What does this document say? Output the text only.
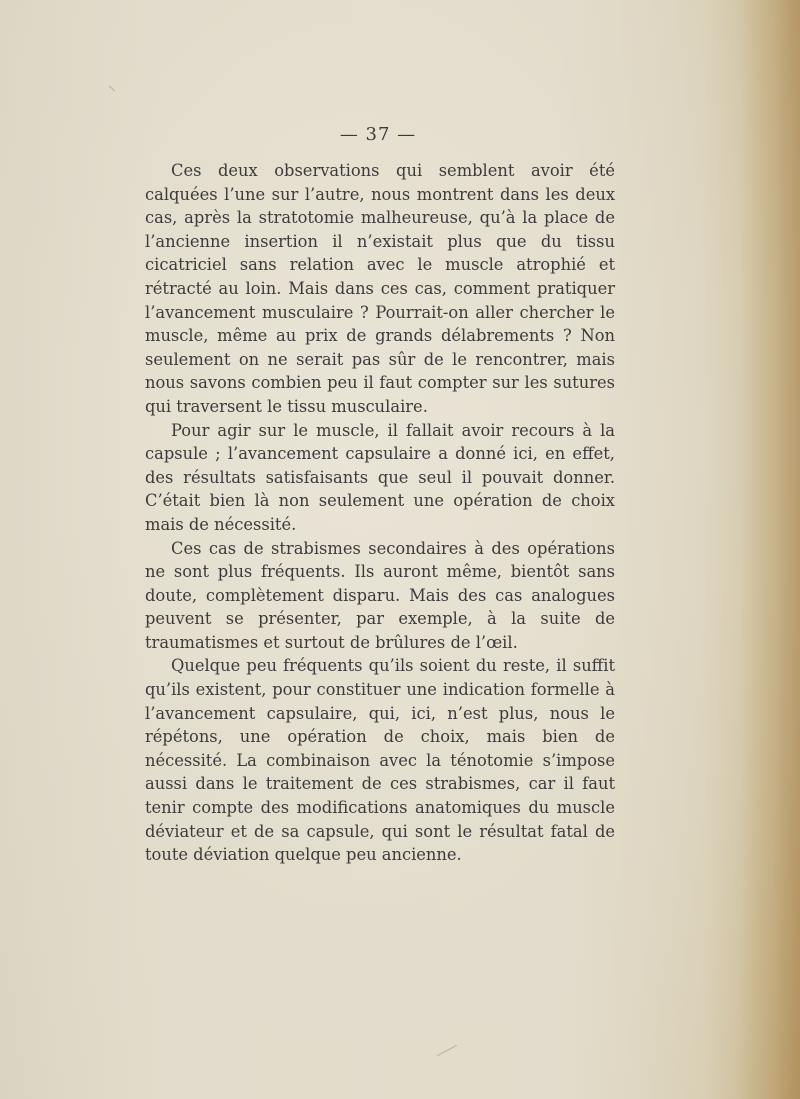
— 37 —

Ces deux observations qui semblent avoir été calquées l’une sur l’autre, nous montrent dans les deux cas, après la stratotomie malheureuse, qu’à la place de l’ancienne insertion il n’existait plus que du tissu cicatriciel sans relation avec le muscle atrophié et rétracté au loin. Mais dans ces cas, comment pratiquer l’avancement musculaire ? Pourrait-on aller chercher le muscle, même au prix de grands délabrements ? Non seulement on ne serait pas sûr de le rencontrer, mais nous savons combien peu il faut compter sur les sutures qui traversent le tissu musculaire.

Pour agir sur le muscle, il fallait avoir recours à la capsule ; l’avancement capsulaire a donné ici, en effet, des résultats satisfaisants que seul il pouvait donner. C’était bien là non seulement une opération de choix mais de nécessité.

Ces cas de strabismes secondaires à des opérations ne sont plus fréquents. Ils auront même, bientôt sans doute, complètement disparu. Mais des cas analogues peuvent se présenter, par exemple, à la suite de traumatismes et surtout de brûlures de l’œil.

Quelque peu fréquents qu’ils soient du reste, il suffit qu’ils existent, pour constituer une indication formelle à l’avancement capsulaire, qui, ici, n’est plus, nous le répétons, une opération de choix, mais bien de nécessité. La combinaison avec la ténotomie s’impose aussi dans le traitement de ces strabismes, car il faut tenir compte des modifications anatomiques du muscle déviateur et de sa capsule, qui sont le résultat fatal de toute déviation quelque peu ancienne.
